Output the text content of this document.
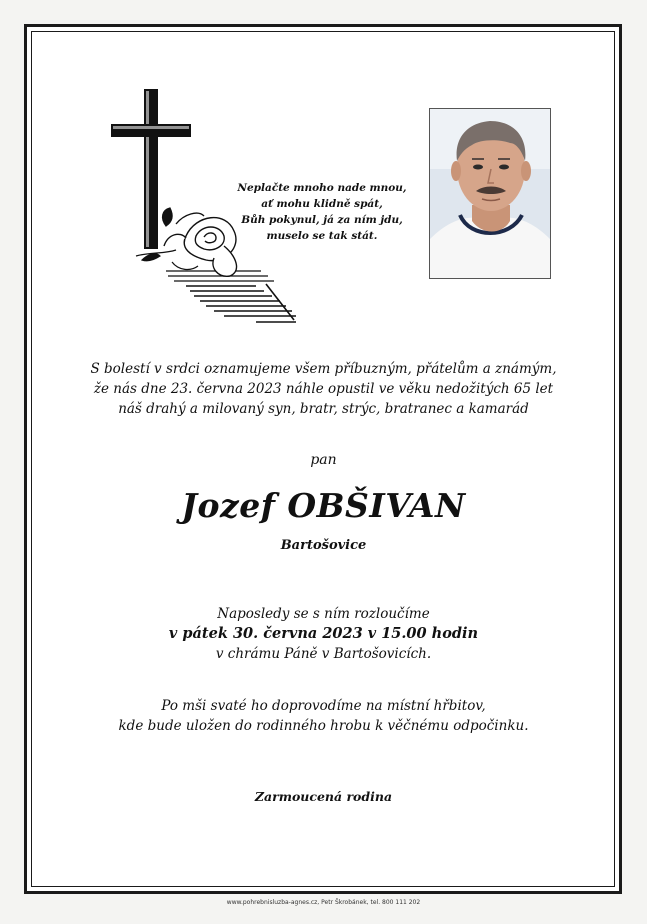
Neplačte mnoho nade mnou,
ať mohu klidně spát,
Bůh pokynul, já za ním jdu,
muselo se tak stát.
S bolestí v srdci oznamujeme všem příbuzným, přátelům a známým,
že nás dne 23. června 2023 náhle opustil ve věku nedožitých 65 let
náš drahý a milovaný syn, bratr, strýc, bratranec a kamarád
pan
Jozef OBŠIVAN
Bartošovice
Naposledy se s ním rozloučíme
v pátek 30. června 2023 v 15.00 hodin
v chrámu Páně v Bartošovicích.
Po mši svaté ho doprovodíme na místní hřbitov,
kde bude uložen do rodinného hrobu k věčnému odpočinku.
Zarmoucená rodina
www.pohrebnisluzba-agnes.cz, Petr Škrobánek, tel. 800 111 202
